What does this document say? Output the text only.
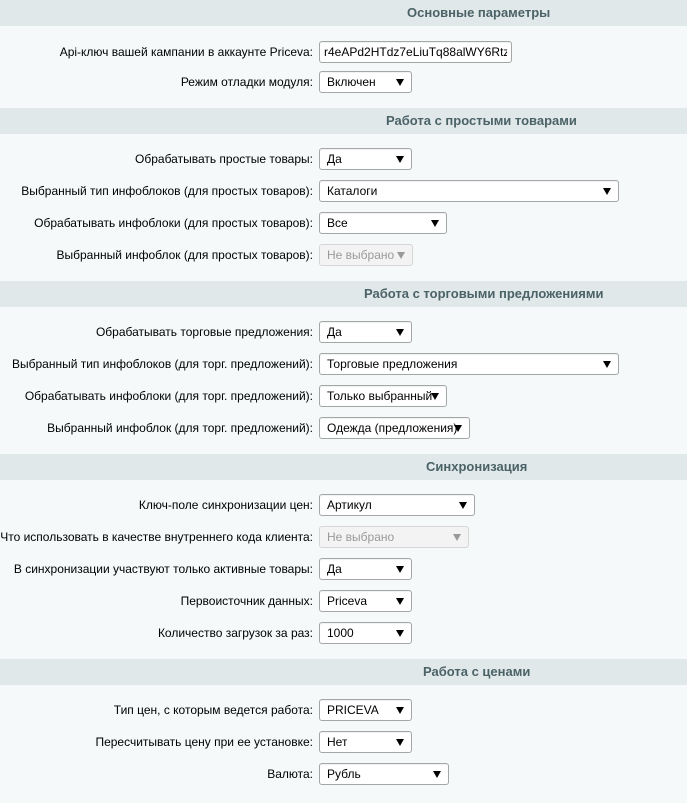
Основные параметры
Api-ключ вашей кампании в аккаунте Priceva:
r4eAPd2HTdz7eLiuTq88alWY6Rtzbu5
Режим отладки модуля: Включен
Работа с простыми товарами
Обрабатывать простые товары: Да
Выбранный тип инфоблоков (для простых товаров): Каталоги
Обрабатывать инфоблоки (для простых товаров): Все
Выбранный инфоблок (для простых товаров): Не выбрано
Работа с торговыми предложениями
Обрабатывать торговые предложения: Да
Выбранный тип инфоблоков (для торг. предложений): Торговые предложения
Обрабатывать инфоблоки (для торг. предложений): Только выбранный
Выбранный инфоблок (для торг. предложений): Одежда (предложения)
Синхронизация
Ключ-поле синхронизации цен: Артикул
Что использовать в качестве внутреннего кода клиента: Не выбрано
В синхронизации участвуют только активные товары: Да
Первоисточник данных: Priceva
Количество загрузок за раз: 1000
Работа с ценами
Тип цен, с которым ведется работа: PRICEVA
Пересчитывать цену при ее установке: Нет
Валюта: Рубль
